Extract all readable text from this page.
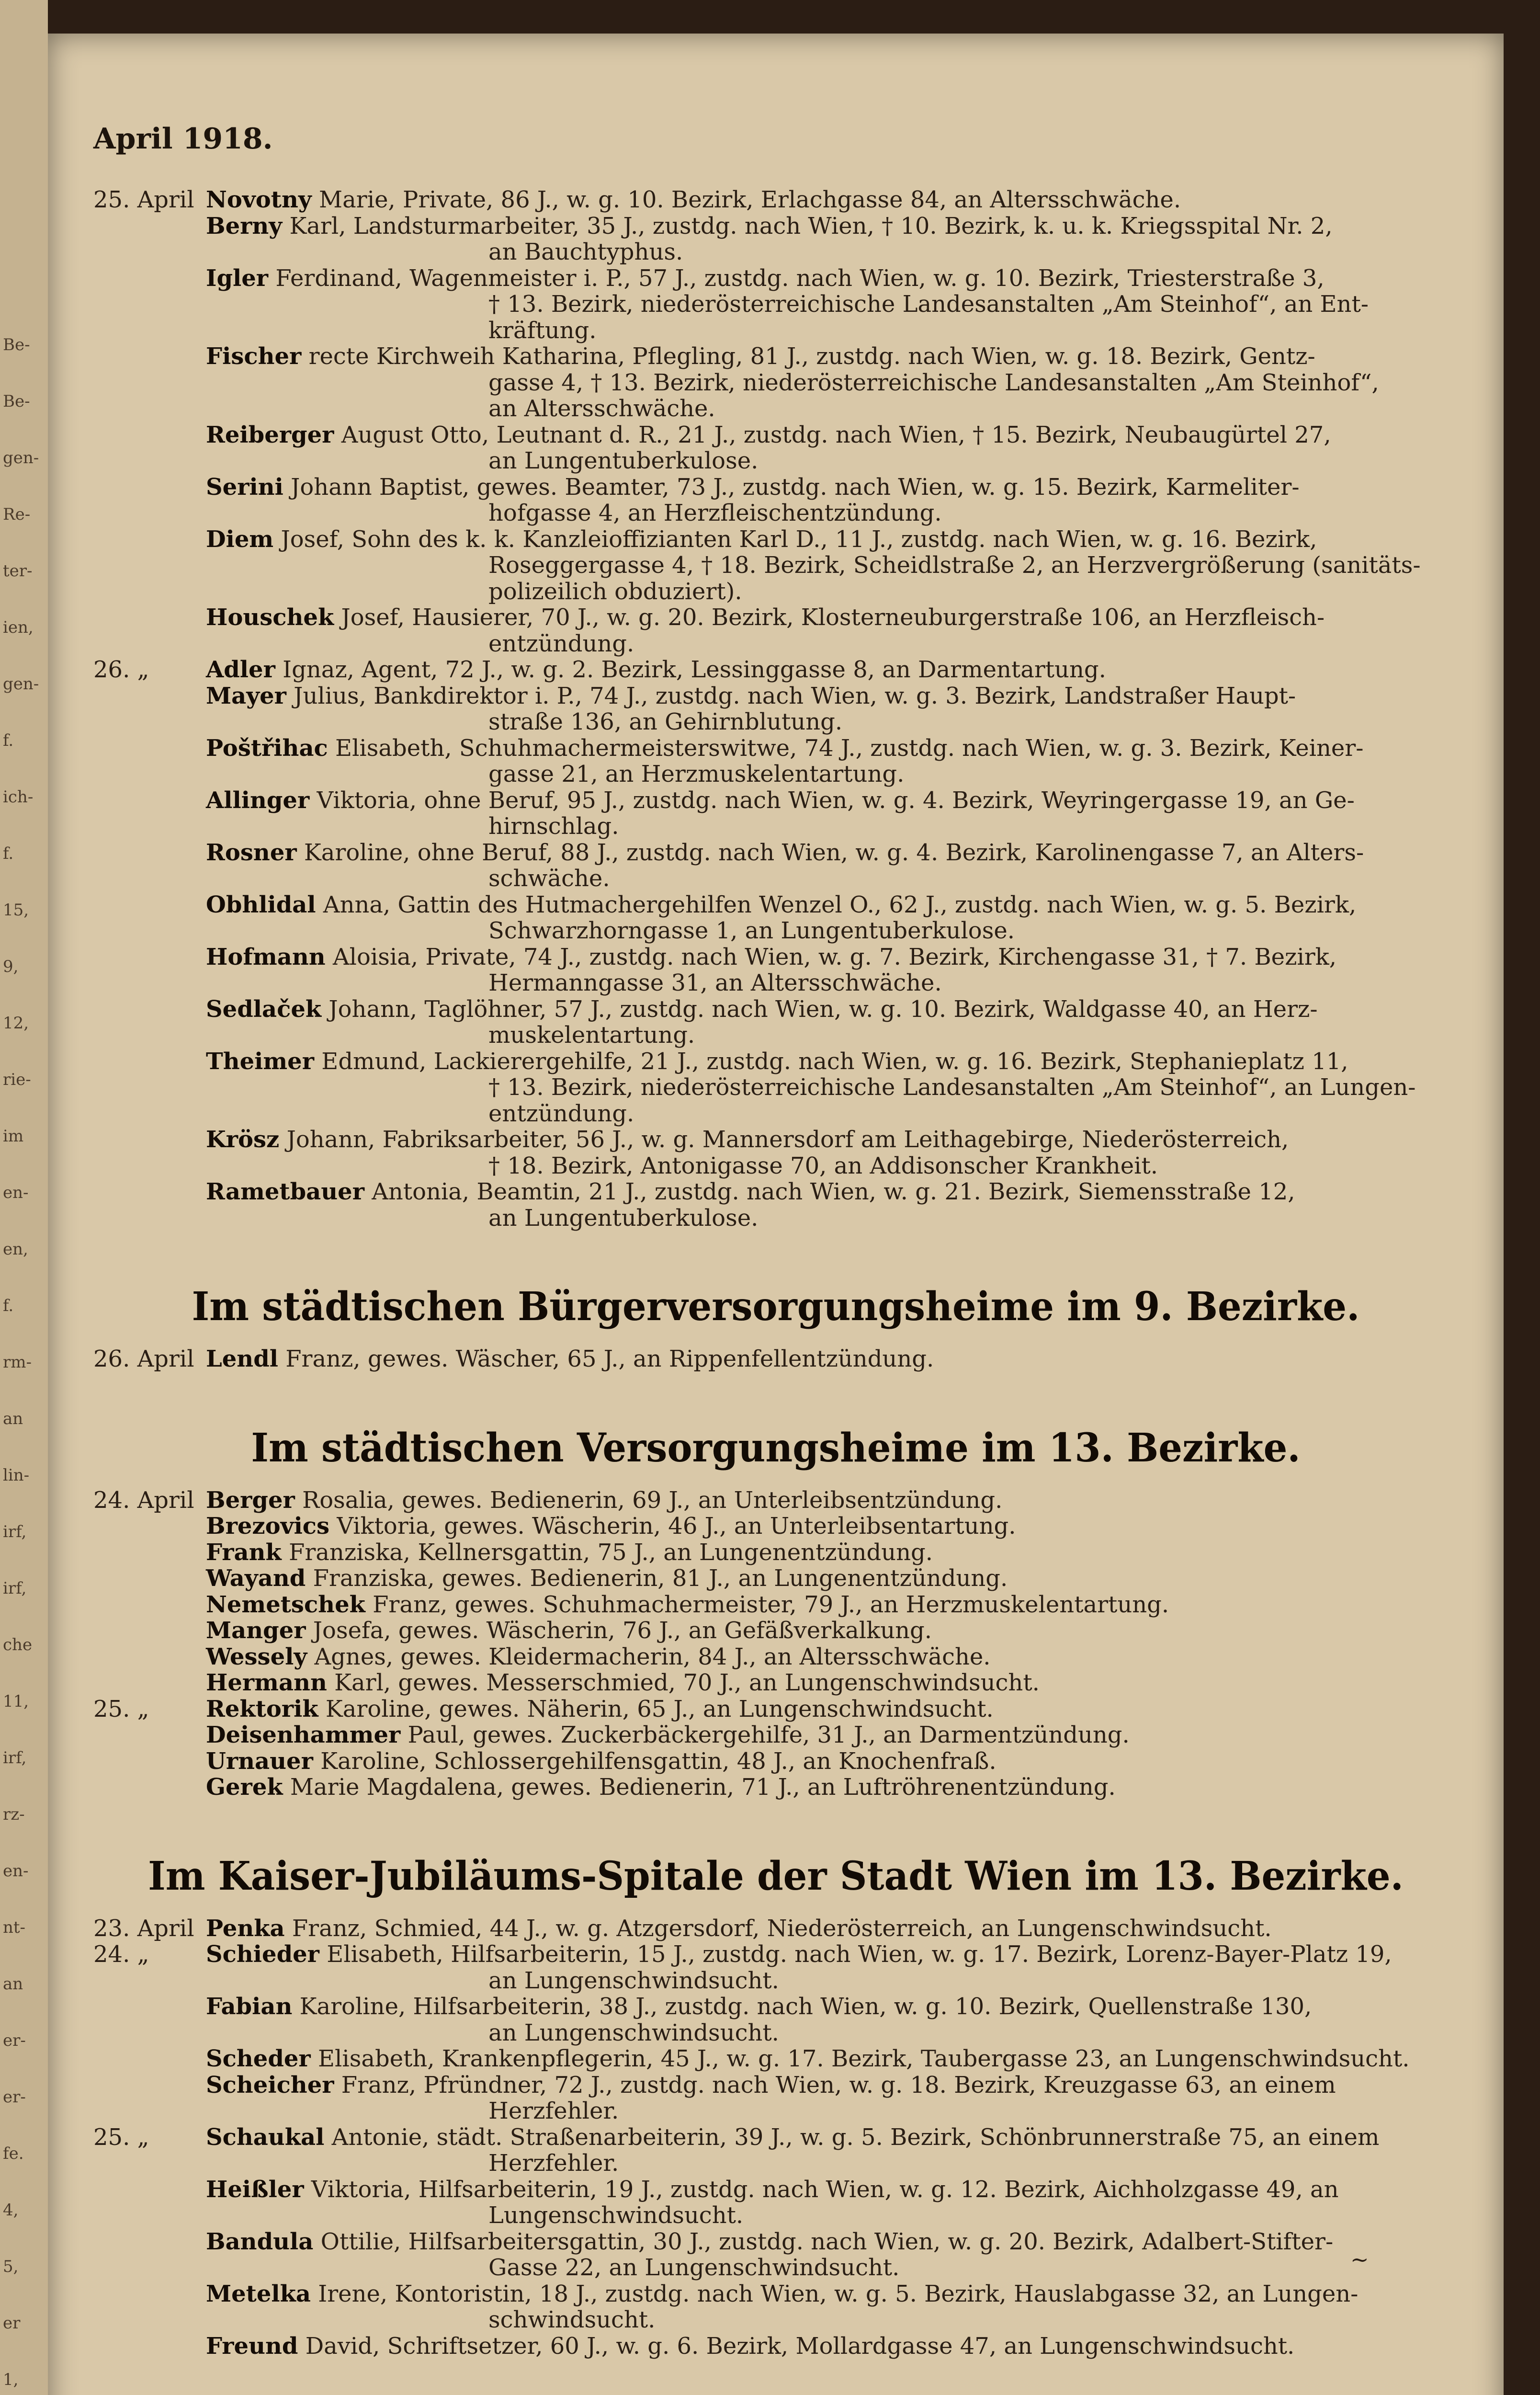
Be-
Be-
gen-
Re-
ter-
ien,
gen-
f.
ich-
f.
15,
9,
12,
rie-
im
en-
en,
f.
rm-
an
lin-
irf,
irf,
che
11,
irf,
rz-
en-
nt-
an
er-
er-
fe.
4,
5,
er
1,
April 1918.
25. April Novotny Marie, Private, 86 J., w. g. 10. Bezirk, Erlachgasse 84, an Altersschwäche.
Berny Karl, Landsturmarbeiter, 35 J., zustdg. nach Wien, † 10. Bezirk, k. u. k. Kriegsspital Nr. 2,
an Bauchtyphus.
Igler Ferdinand, Wagenmeister i. P., 57 J., zustdg. nach Wien, w. g. 10. Bezirk, Triesterstraße 3,
† 13. Bezirk, niederösterreichische Landesanstalten „Am Steinhof“, an Ent-
kräftung.
Fischer recte Kirchweih Katharina, Pflegling, 81 J., zustdg. nach Wien, w. g. 18. Bezirk, Gentz-
gasse 4, † 13. Bezirk, niederösterreichische Landesanstalten „Am Steinhof“,
an Altersschwäche.
Reiberger August Otto, Leutnant d. R., 21 J., zustdg. nach Wien, † 15. Bezirk, Neubaugürtel 27,
an Lungentuberkulose.
Serini Johann Baptist, gewes. Beamter, 73 J., zustdg. nach Wien, w. g. 15. Bezirk, Karmeliter-
hofgasse 4, an Herzfleischentzündung.
Diem Josef, Sohn des k. k. Kanzleioffizianten Karl D., 11 J., zustdg. nach Wien, w. g. 16. Bezirk,
Roseggergasse 4, † 18. Bezirk, Scheidlstraße 2, an Herzvergrößerung (sanitäts-
polizeilich obduziert).
Houschek Josef, Hausierer, 70 J., w. g. 20. Bezirk, Klosterneuburgerstraße 106, an Herzfleisch-
entzündung.
26. „ Adler Ignaz, Agent, 72 J., w. g. 2. Bezirk, Lessinggasse 8, an Darmentartung.
Mayer Julius, Bankdirektor i. P., 74 J., zustdg. nach Wien, w. g. 3. Bezirk, Landstraßer Haupt-
straße 136, an Gehirnblutung.
Poštřihac Elisabeth, Schuhmachermeisterswitwe, 74 J., zustdg. nach Wien, w. g. 3. Bezirk, Keiner-
gasse 21, an Herzmuskelentartung.
Allinger Viktoria, ohne Beruf, 95 J., zustdg. nach Wien, w. g. 4. Bezirk, Weyringergasse 19, an Ge-
hirnschlag.
Rosner Karoline, ohne Beruf, 88 J., zustdg. nach Wien, w. g. 4. Bezirk, Karolinengasse 7, an Alters-
schwäche.
Obhlidal Anna, Gattin des Hutmachergehilfen Wenzel O., 62 J., zustdg. nach Wien, w. g. 5. Bezirk,
Schwarzhorngasse 1, an Lungentuberkulose.
Hofmann Aloisia, Private, 74 J., zustdg. nach Wien, w. g. 7. Bezirk, Kirchengasse 31, † 7. Bezirk,
Hermanngasse 31, an Altersschwäche.
Sedlaček Johann, Taglöhner, 57 J., zustdg. nach Wien, w. g. 10. Bezirk, Waldgasse 40, an Herz-
muskelentartung.
Theimer Edmund, Lackierergehilfe, 21 J., zustdg. nach Wien, w. g. 16. Bezirk, Stephanieplatz 11,
† 13. Bezirk, niederösterreichische Landesanstalten „Am Steinhof“, an Lungen-
entzündung.
Krösz Johann, Fabriksarbeiter, 56 J., w. g. Mannersdorf am Leithagebirge, Niederösterreich,
† 18. Bezirk, Antonigasse 70, an Addisonscher Krankheit.
Rametbauer Antonia, Beamtin, 21 J., zustdg. nach Wien, w. g. 21. Bezirk, Siemensstraße 12,
an Lungentuberkulose.
Im städtischen Bürgerversorgungsheime im 9. Bezirke.
26. April Lendl Franz, gewes. Wäscher, 65 J., an Rippenfellentzündung.
Im städtischen Versorgungsheime im 13. Bezirke.
24. April Berger Rosalia, gewes. Bedienerin, 69 J., an Unterleibsentzündung.
Brezovics Viktoria, gewes. Wäscherin, 46 J., an Unterleibsentartung.
Frank Franziska, Kellnersgattin, 75 J., an Lungenentzündung.
Wayand Franziska, gewes. Bedienerin, 81 J., an Lungenentzündung.
Nemetschek Franz, gewes. Schuhmachermeister, 79 J., an Herzmuskelentartung.
Manger Josefa, gewes. Wäscherin, 76 J., an Gefäßverkalkung.
Wessely Agnes, gewes. Kleidermacherin, 84 J., an Altersschwäche.
Hermann Karl, gewes. Messerschmied, 70 J., an Lungenschwindsucht.
25. „ Rektorik Karoline, gewes. Näherin, 65 J., an Lungenschwindsucht.
Deisenhammer Paul, gewes. Zuckerbäckergehilfe, 31 J., an Darmentzündung.
Urnauer Karoline, Schlossergehilfensgattin, 48 J., an Knochenfraß.
Gerek Marie Magdalena, gewes. Bedienerin, 71 J., an Luftröhrenentzündung.
Im Kaiser-Jubiläums-Spitale der Stadt Wien im 13. Bezirke.
23. April Penka Franz, Schmied, 44 J., w. g. Atzgersdorf, Niederösterreich, an Lungenschwindsucht.
24. „ Schieder Elisabeth, Hilfsarbeiterin, 15 J., zustdg. nach Wien, w. g. 17. Bezirk, Lorenz-Bayer-Platz 19,
an Lungenschwindsucht.
Fabian Karoline, Hilfsarbeiterin, 38 J., zustdg. nach Wien, w. g. 10. Bezirk, Quellenstraße 130,
an Lungenschwindsucht.
Scheder Elisabeth, Krankenpflegerin, 45 J., w. g. 17. Bezirk, Taubergasse 23, an Lungenschwindsucht.
Scheicher Franz, Pfründner, 72 J., zustdg. nach Wien, w. g. 18. Bezirk, Kreuzgasse 63, an einem
Herzfehler.
25. „ Schaukal Antonie, städt. Straßenarbeiterin, 39 J., w. g. 5. Bezirk, Schönbrunnerstraße 75, an einem
Herzfehler.
Heißler Viktoria, Hilfsarbeiterin, 19 J., zustdg. nach Wien, w. g. 12. Bezirk, Aichholzgasse 49, an
Lungenschwindsucht.
Bandula Ottilie, Hilfsarbeitersgattin, 30 J., zustdg. nach Wien, w. g. 20. Bezirk, Adalbert-Stifter-
Gasse 22, an Lungenschwindsucht.
Metelka Irene, Kontoristin, 18 J., zustdg. nach Wien, w. g. 5. Bezirk, Hauslabgasse 32, an Lungen-
schwindsucht.
Freund David, Schriftsetzer, 60 J., w. g. 6. Bezirk, Mollardgasse 47, an Lungenschwindsucht.
~
